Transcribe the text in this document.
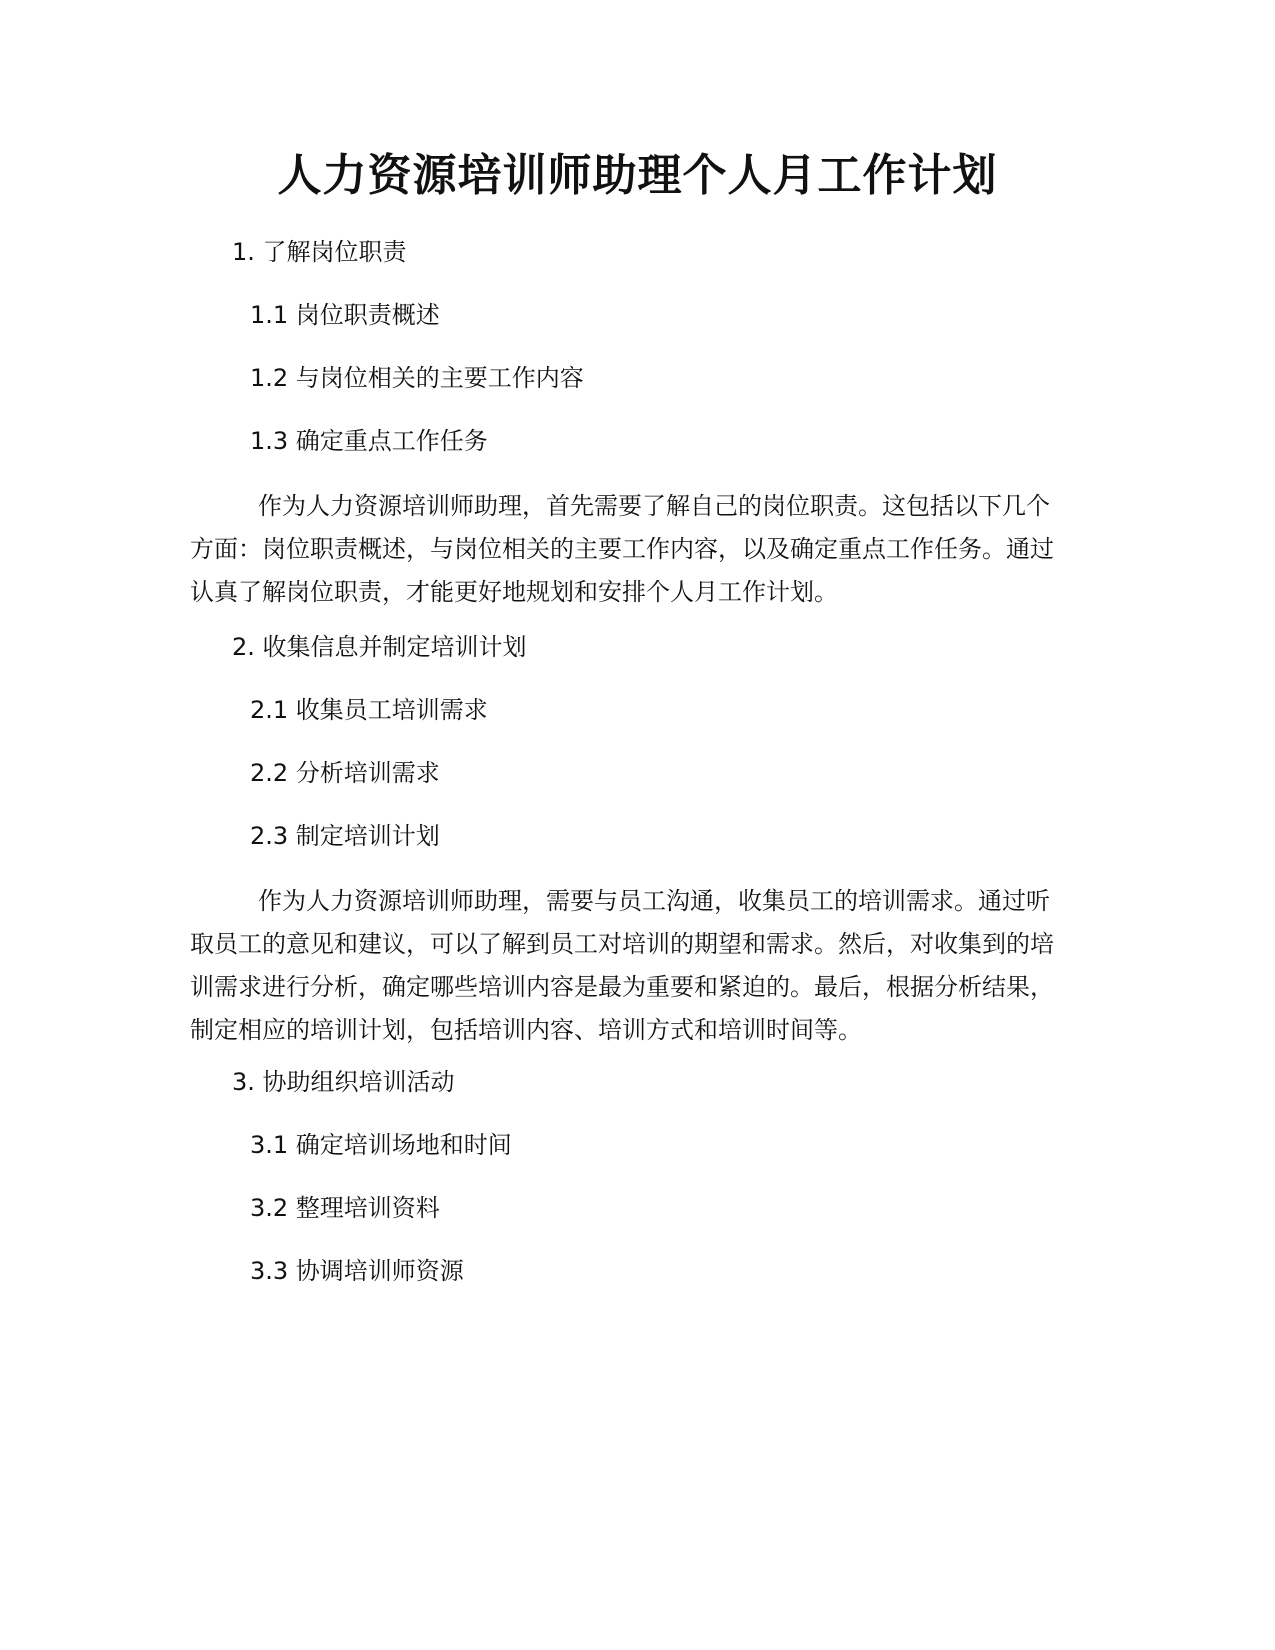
人力资源培训师助理个人月工作计划
1. 了解岗位职责
1.1 岗位职责概述
1.2 与岗位相关的主要工作内容
1.3 确定重点工作任务

作为人力资源培训师助理，首先需要了解自己的岗位职责。这包括以下几个

方面：岗位职责概述，与岗位相关的主要工作内容，以及确定重点工作任务。通过
认真了解岗位职责，才能更好地规划和安排个人月工作计划。
2. 收集信息并制定培训计划
2.1 收集员工培训需求
2.2 分析培训需求
2.3 制定培训计划

作为人力资源培训师助理，需要与员工沟通，收集员工的培训需求。通过听

取员工的意见和建议，可以了解到员工对培训的期望和需求。然后，对收集到的培
训需求进行分析，确定哪些培训内容是最为重要和紧迫的。最后，根据分析结果，
制定相应的培训计划，包括培训内容、培训方式和培训时间等。
3. 协助组织培训活动
3.1 确定培训场地和时间
3.2 整理培训资料
3.3 协调培训师资源
